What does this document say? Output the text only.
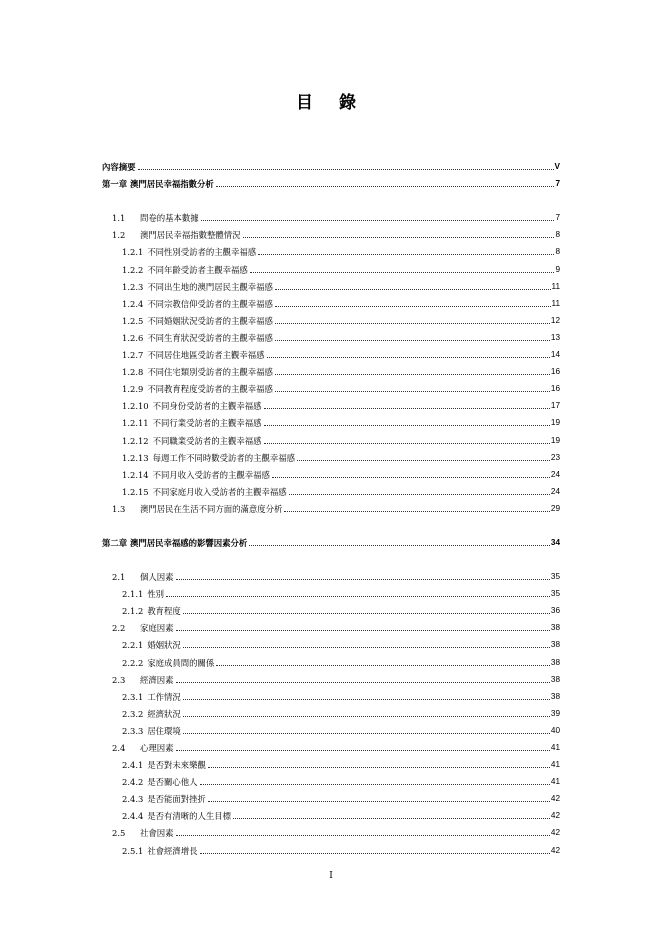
目 錄
內容摘要	V
第一章 澳門居民幸福指數分析	7
1.1 問卷的基本數據	7
1.2 澳門居民幸福指數整體情況	8
1.2.1 不同性別受訪者的主觀幸福感	8
1.2.2 不同年齡受訪者主觀幸福感	9
1.2.3 不同出生地的澳門居民主觀幸福感	11
1.2.4 不同宗教信仰受訪者的主觀幸福感	11
1.2.5 不同婚姻狀況受訪者的主觀幸福感	12
1.2.6 不同生育狀況受訪者的主觀幸福感	13
1.2.7 不同居住地區受訪者主觀幸福感	14
1.2.8 不同住宅類別受訪者的主觀幸福感	16
1.2.9 不同教育程度受訪者的主觀幸福感	16
1.2.10 不同身份受訪者的主觀幸福感	17
1.2.11 不同行業受訪者的主觀幸福感	19
1.2.12 不同職業受訪者的主觀幸福感	19
1.2.13 每週工作不同時數受訪者的主觀幸福感	23
1.2.14 不同月收入受訪者的主觀幸福感	24
1.2.15 不同家庭月收入受訪者的主觀幸福感	24
1.3 澳門居民在生活不同方面的滿意度分析	29
第二章 澳門居民幸福感的影響因素分析	34
2.1 個人因素	35
2.1.1 性別	35
2.1.2 教育程度	36
2.2 家庭因素	38
2.2.1 婚姻狀況	38
2.2.2 家庭成員間的關係	38
2.3 經濟因素	38
2.3.1 工作情況	38
2.3.2 經濟狀況	39
2.3.3 居住環境	40
2.4 心理因素	41
2.4.1 是否對未來樂觀	41
2.4.2 是否關心他人	41
2.4.3 是否能面對挫折	42
2.4.4 是否有清晰的人生目標	42
2.5 社會因素	42
2.5.1 社會經濟增長	42
I
